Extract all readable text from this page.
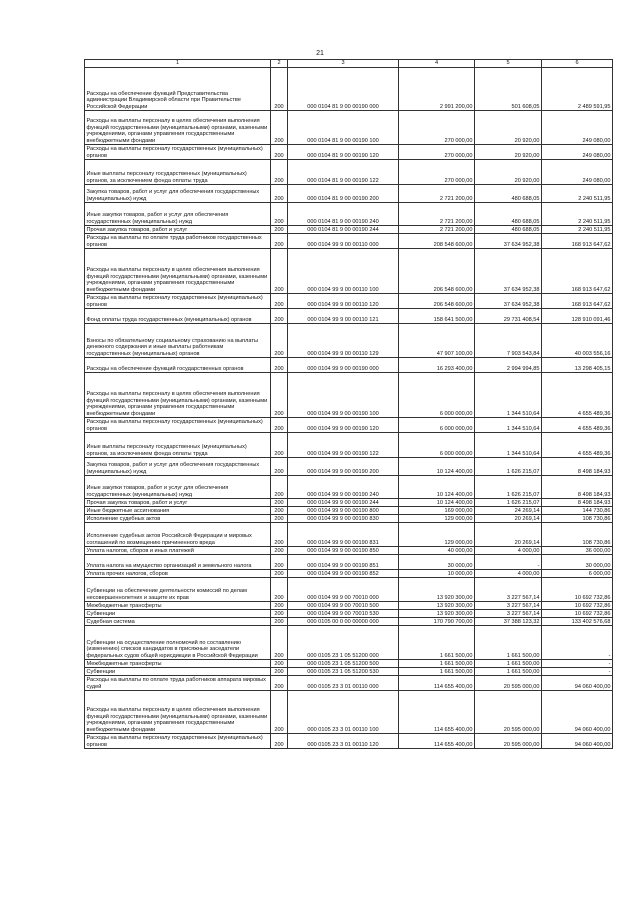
21
1	2	3	4	5	6
Расходы на обеспечение функций Представительства администрации Владимирской области при Правительстве Российской Федерации	200	000 0104 81 9 00 00190 000	2 991 200,00	501 608,05	2 489 591,95
Расходы на выплаты персоналу в целях обеспечения выполнения функций государственными (муниципальными) органами, казенными учреждениями, органами управления государственными внебюджетными фондами	200	000 0104 81 9 00 00190 100	270 000,00	20 920,00	249 080,00
Расходы на выплаты персоналу государственных (муниципальных) органов	200	000 0104 81 9 00 00190 120	270 000,00	20 920,00	249 080,00
Иные выплаты персоналу государственных (муниципальных) органов, за исключением фонда оплаты труда	200	000 0104 81 9 00 00190 122	270 000,00	20 920,00	249 080,00
Закупка товаров, работ и услуг для обеспечения государственных (муниципальных) нужд	200	000 0104 81 9 00 00190 200	2 721 200,00	480 688,05	2 240 511,95
Иные закупки товаров, работ и услуг для обеспечения государственных (муниципальных) нужд	200	000 0104 81 9 00 00190 240	2 721 200,00	480 688,05	2 240 511,95
Прочая закупка товаров, работ и услуг	200	000 0104 81 9 00 00190 244	2 721 200,00	480 688,05	2 240 511,95
Расходы на выплаты по оплате труда работников государственных органов	200	000 0104 99 9 00 00110 000	208 548 600,00	37 634 952,38	168 913 647,62
Расходы на выплаты персоналу в целях обеспечения выполнения функций государственными (муниципальными) органами, казенными учреждениями, органами управления государственными внебюджетными фондами	200	000 0104 99 9 00 00110 100	206 548 600,00	37 634 952,38	168 913 647,62
Расходы на выплаты персоналу государственных (муниципальных) органов	200	000 0104 99 9 00 00110 120	206 548 600,00	37 634 952,38	168 913 647,62
Фонд оплаты труда государственных (муниципальных) органов	200	000 0104 99 9 00 00110 121	158 641 500,00	29 731 408,54	128 910 091,46
Взносы по обязательному социальному страхованию на выплаты денежного содержания и иные выплаты работникам государственных (муниципальных) органов	200	000 0104 99 9 00 00110 129	47 907 100,00	7 903 543,84	40 003 556,16
Расходы на обеспечение функций государственных органов	200	000 0104 99 9 00 00190 000	16 293 400,00	2 994 994,85	13 298 405,15
Расходы на выплаты персоналу в целях обеспечения выполнения функций государственными (муниципальными) органами, казенными учреждениями, органами управления государственными внебюджетными фондами	200	000 0104 99 9 00 00190 100	6 000 000,00	1 344 510,64	4 655 489,36
Расходы на выплаты персоналу государственных (муниципальных) органов	200	000 0104 99 9 00 00190 120	6 000 000,00	1 344 510,64	4 655 489,36
Иные выплаты персоналу государственных (муниципальных) органов, за исключением фонда оплаты труда	200	000 0104 99 9 00 00190 122	6 000 000,00	1 344 510,64	4 655 489,36
Закупка товаров, работ и услуг для обеспечения государственных (муниципальных) нужд	200	000 0104 99 9 00 00190 200	10 124 400,00	1 626 215,07	8 498 184,93
Иные закупки товаров, работ и услуг для обеспечения государственных (муниципальных) нужд	200	000 0104 99 9 00 00190 240	10 124 400,00	1 626 215,07	8 498 184,93
Прочая закупка товаров, работ и услуг	200	000 0104 99 9 00 00190 244	10 124 400,00	1 626 215,07	8 498 184,93
Иные бюджетные ассигнования	200	000 0104 99 9 00 00190 800	169 000,00	24 269,14	144 730,86
Исполнение судебных актов	200	000 0104 99 9 00 00190 830	129 000,00	20 269,14	108 730,86
Исполнение судебных актов Российской Федерации и мировых соглашений по возмещению причиненного вреда	200	000 0104 99 9 00 00190 831	129 000,00	20 269,14	108 730,86
Уплата налогов, сборов и иных платежей	200	000 0104 99 9 00 00190 850	40 000,00	4 000,00	36 000,00
Уплата налога на имущество организаций и земельного налога	200	000 0104 99 9 00 00190 851	30 000,00	-	30 000,00
Уплата прочих налогов, сборов	200	000 0104 99 9 00 00190 852	10 000,00	4 000,00	6 000,00
Субвенции на обеспечение деятельности комиссий по делам несовершеннолетних и защите их прав	200	000 0104 99 9 00 70010 000	13 920 300,00	3 227 567,14	10 692 732,86
Межбюджетные трансферты	200	000 0104 99 9 00 70010 500	13 920 300,00	3 227 567,14	10 692 732,86
Субвенции	200	000 0104 99 9 00 70010 530	13 920 300,00	3 227 567,14	10 692 732,86
Судебная система	200	000 0105 00 0 00 00000 000	170 790 700,00	37 388 123,32	133 402 576,68
Субвенции на осуществление полномочий по составлению (изменению) списков кандидатов в присяжные заседатели федеральных судов общей юрисдикции в Российской Федерации	200	000 0105 23 1 05 51200 000	1 661 500,00	1 661 500,00	-
Межбюджетные трансферты	200	000 0105 23 1 05 51200 500	1 661 500,00	1 661 500,00	-
Субвенции	200	000 0105 23 1 05 51200 530	1 661 500,00	1 661 500,00	-
Расходы на выплаты по оплате труда работников аппарата мировых судей	200	000 0105 23 3 01 00110 000	114 655 400,00	20 595 000,00	94 060 400,00
Расходы на выплаты персоналу в целях обеспечения выполнения функций государственными (муниципальными) органами, казенными учреждениями, органами управления государственными внебюджетными фондами	200	000 0105 23 3 01 00110 100	114 655 400,00	20 595 000,00	94 060 400,00
Расходы на выплаты персоналу государственных (муниципальных) органов	200	000 0105 23 3 01 00110 120	114 655 400,00	20 595 000,00	94 060 400,00
